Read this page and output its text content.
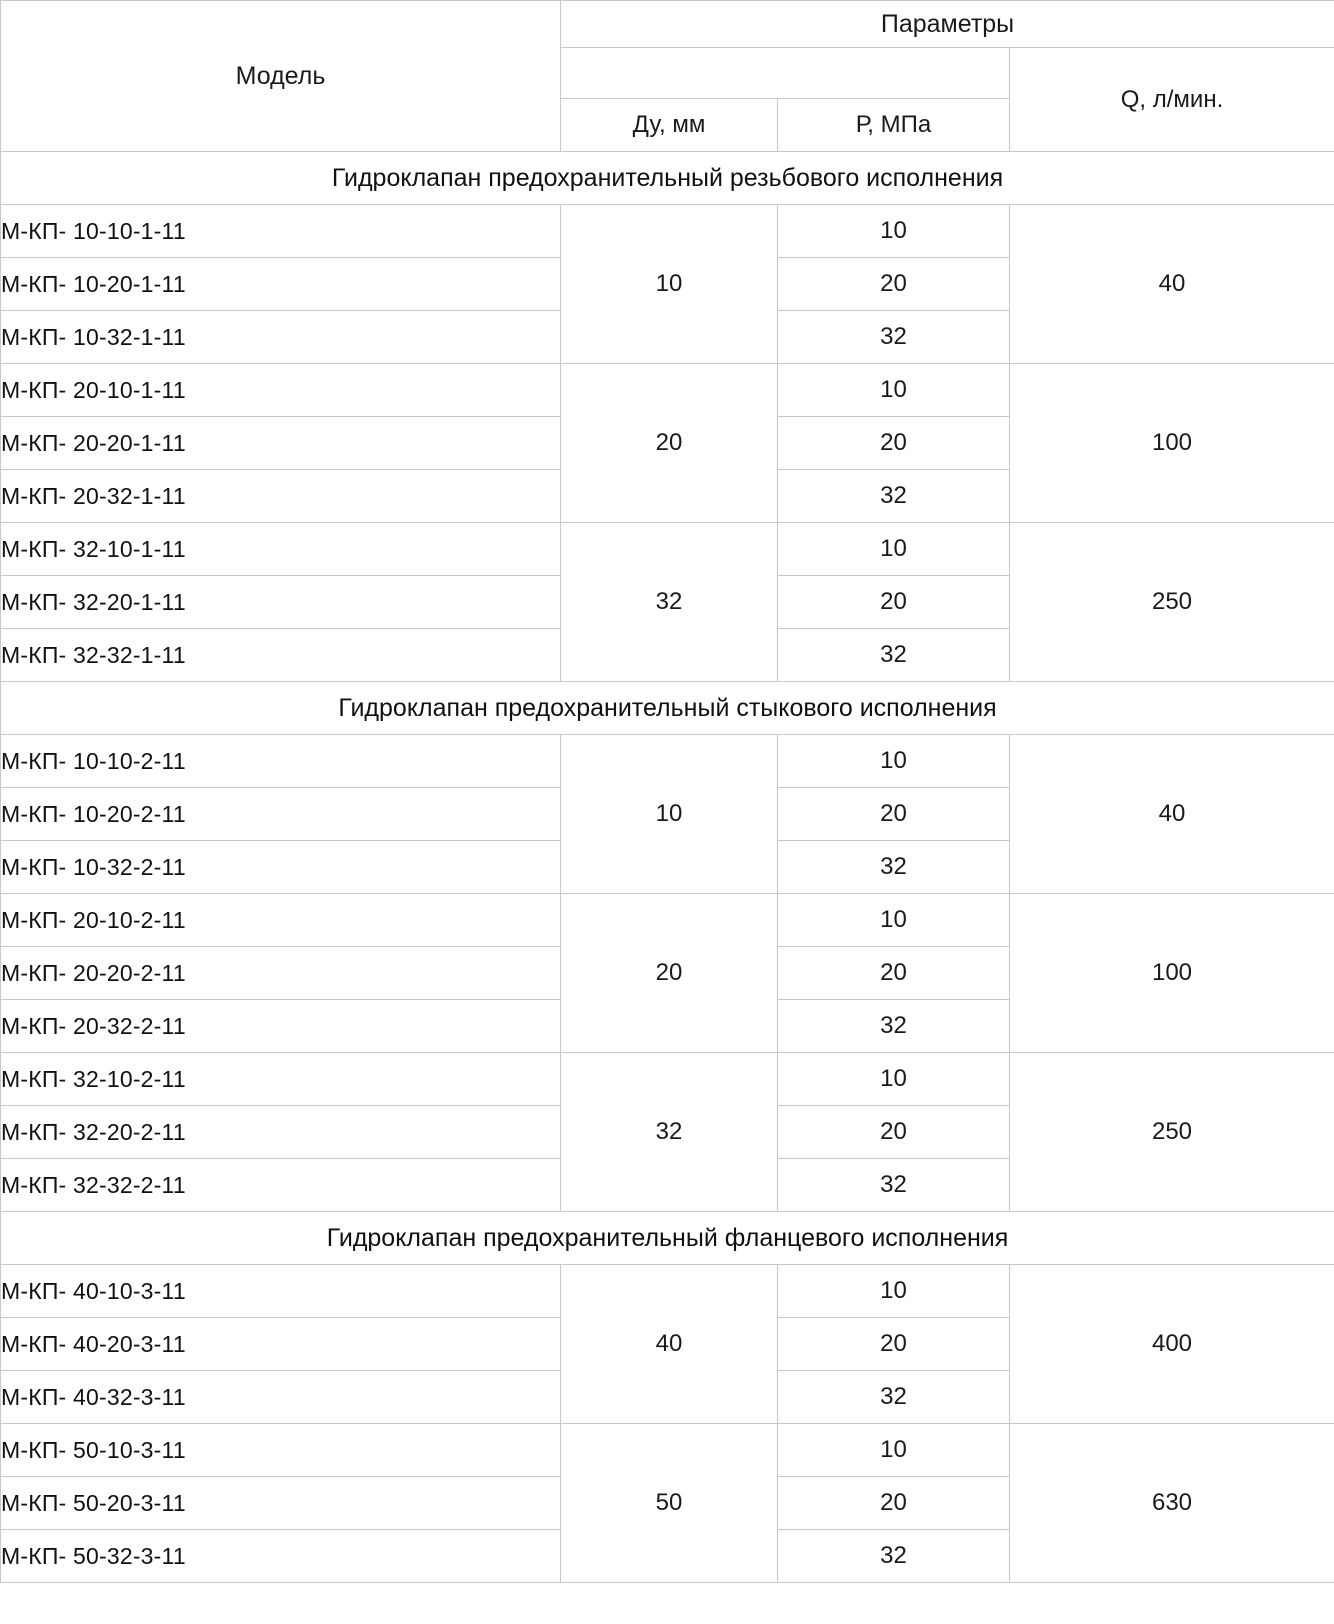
Модель	Параметры		
			Q, л/мин.
	Ду, мм	Р, МПа	
Гидроклапан предохранительный резьбового исполнения			
М-КП- 10-10-1-11	10	10	40
М-КП- 10-20-1-11		20	
М-КП- 10-32-1-11		32	
М-КП- 20-10-1-11	20	10	100
М-КП- 20-20-1-11		20	
М-КП- 20-32-1-11		32	
М-КП- 32-10-1-11	32	10	250
М-КП- 32-20-1-11		20	
М-КП- 32-32-1-11		32	
Гидроклапан предохранительный стыкового исполнения			
М-КП- 10-10-2-11	10	10	40
М-КП- 10-20-2-11		20	
М-КП- 10-32-2-11		32	
М-КП- 20-10-2-11	20	10	100
М-КП- 20-20-2-11		20	
М-КП- 20-32-2-11		32	
М-КП- 32-10-2-11	32	10	250
М-КП- 32-20-2-11		20	
М-КП- 32-32-2-11		32	
Гидроклапан предохранительный фланцевого исполнения			
М-КП- 40-10-3-11	40	10	400
М-КП- 40-20-3-11		20	
М-КП- 40-32-3-11		32	
М-КП- 50-10-3-11	50	10	630
М-КП- 50-20-3-11		20	
М-КП- 50-32-3-11		32	
